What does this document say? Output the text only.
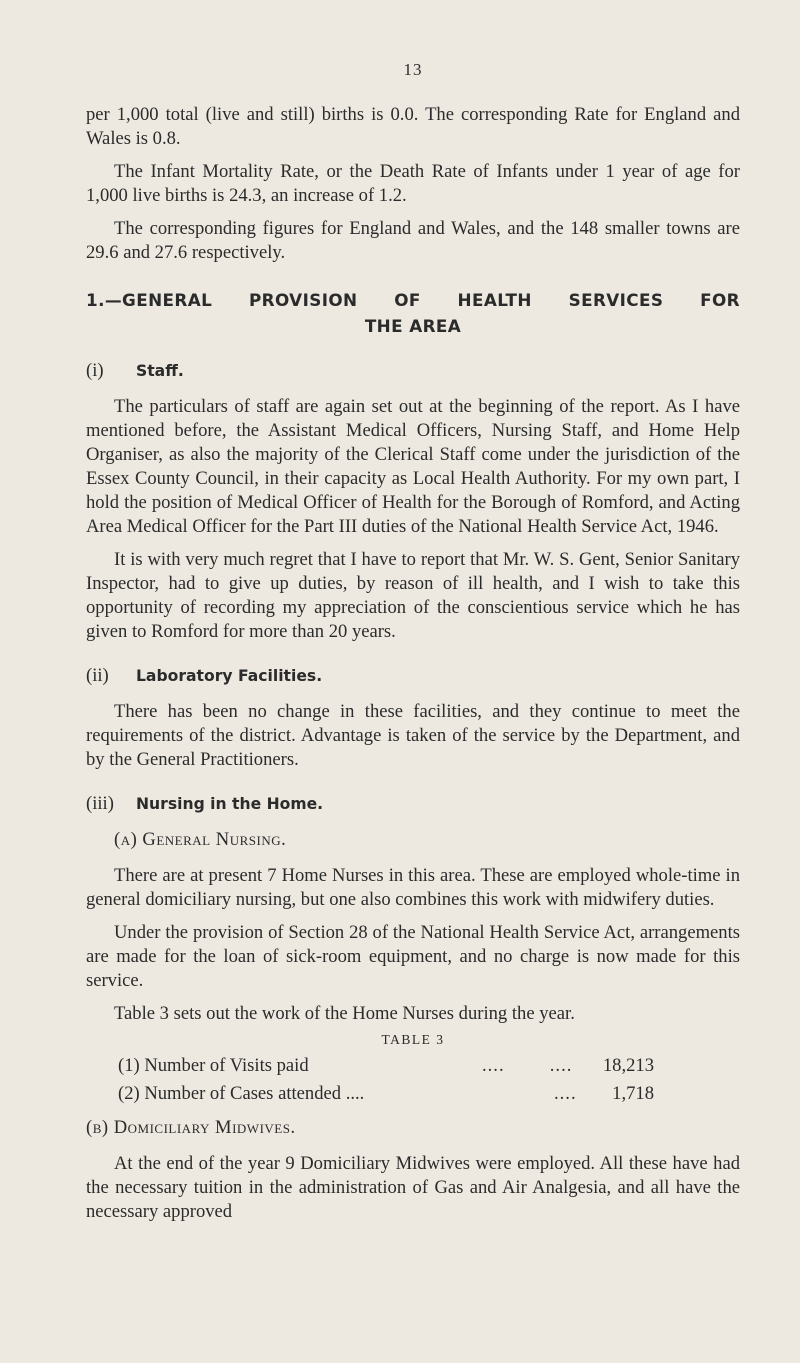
13

per 1,000 total (live and still) births is 0.0. The corresponding Rate for England and Wales is 0.8.

The Infant Mortality Rate, or the Death Rate of Infants under 1 year of age for 1,000 live births is 24.3, an increase of 1.2.

The corresponding figures for England and Wales, and the 148 smaller towns are 29.6 and 27.6 respectively.

1.—GENERAL PROVISION OF HEALTH SERVICES FOR
THE AREA
(i) Staff.

The particulars of staff are again set out at the beginning of the report. As I have mentioned before, the Assistant Medical Officers, Nursing Staff, and Home Help Organiser, as also the majority of the Clerical Staff come under the jurisdiction of the Essex County Council, in their capacity as Local Health Authority. For my own part, I hold the position of Medical Officer of Health for the Borough of Romford, and Acting Area Medical Officer for the Part III duties of the National Health Service Act, 1946.

It is with very much regret that I have to report that Mr. W. S. Gent, Senior Sanitary Inspector, had to give up duties, by reason of ill health, and I wish to take this opportunity of recording my appreciation of the conscientious service which he has given to Romford for more than 20 years.

(ii) Laboratory Facilities.

There has been no change in these facilities, and they continue to meet the requirements of the district. Advantage is taken of the service by the Department, and by the General Practitioners.

(iii) Nursing in the Home.
(a) General Nursing.

There are at present 7 Home Nurses in this area. These are employed whole-time in general domiciliary nursing, but one also combines this work with midwifery duties.

Under the provision of Section 28 of the National Health Service Act, arrangements are made for the loan of sick-room equipment, and no charge is now made for this service.

Table 3 sets out the work of the Home Nurses during the year.

TABLE 3
(1) Number of Visits paid	....        .... 18,213
(2) Number of Cases attended ....	.... 1,718
(b) Domiciliary Midwives.

At the end of the year 9 Domiciliary Midwives were employed. All these have had the necessary tuition in the administration of Gas and Air Analgesia, and all have the necessary approved
